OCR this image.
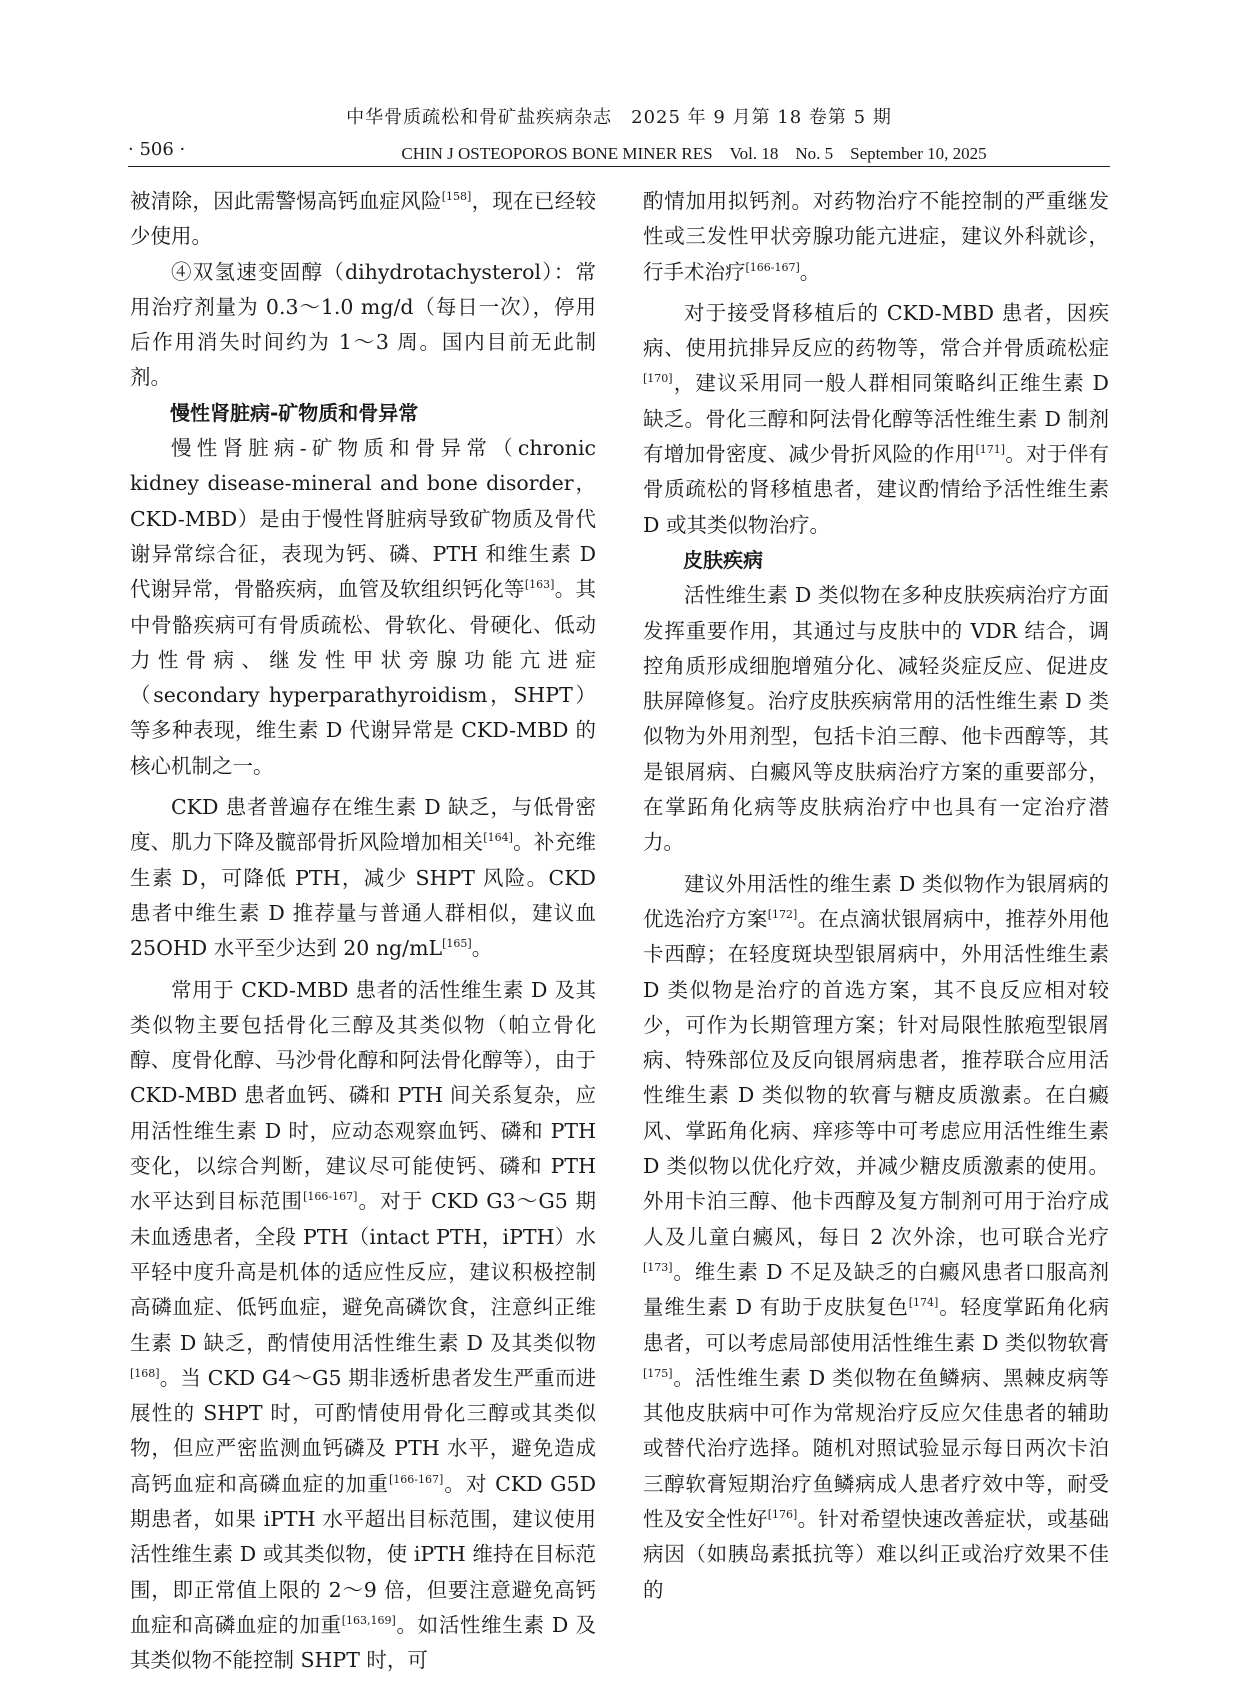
中华骨质疏松和骨矿盐疾病杂志　2025 年 9 月第 18 卷第 5 期
· 506 ·	CHIN J OSTEOPOROS BONE MINER RES　Vol. 18　No. 5　September 10, 2025

被清除，因此需警惕高钙血症风险[158]，现在已经较少使用。

④双氢速变固醇（dihydrotachysterol）：常用治疗剂量为 0.3～1.0 mg/d（每日一次），停用后作用消失时间约为 1～3 周。国内目前无此制剂。

慢性肾脏病-矿物质和骨异常

慢性肾脏病-矿物质和骨异常（chronic kidney disease-mineral and bone disorder，CKD-MBD）是由于慢性肾脏病导致矿物质及骨代谢异常综合征，表现为钙、磷、PTH 和维生素 D 代谢异常，骨骼疾病，血管及软组织钙化等[163]。其中骨骼疾病可有骨质疏松、骨软化、骨硬化、低动力性骨病、继发性甲状旁腺功能亢进症（secondary hyperparathyroidism，SHPT）等多种表现，维生素 D 代谢异常是 CKD-MBD 的核心机制之一。

CKD 患者普遍存在维生素 D 缺乏，与低骨密度、肌力下降及髋部骨折风险增加相关[164]。补充维生素 D，可降低 PTH，减少 SHPT 风险。CKD 患者中维生素 D 推荐量与普通人群相似，建议血 25OHD 水平至少达到 20 ng/mL[165]。

常用于 CKD-MBD 患者的活性维生素 D 及其类似物主要包括骨化三醇及其类似物（帕立骨化醇、度骨化醇、马沙骨化醇和阿法骨化醇等），由于 CKD-MBD 患者血钙、磷和 PTH 间关系复杂，应用活性维生素 D 时，应动态观察血钙、磷和 PTH 变化，以综合判断，建议尽可能使钙、磷和 PTH 水平达到目标范围[166-167]。对于 CKD G3～G5 期未血透患者，全段 PTH（intact PTH，iPTH）水平轻中度升高是机体的适应性反应，建议积极控制高磷血症、低钙血症，避免高磷饮食，注意纠正维生素 D 缺乏，酌情使用活性维生素 D 及其类似物[168]。当 CKD G4～G5 期非透析患者发生严重而进展性的 SHPT 时，可酌情使用骨化三醇或其类似物，但应严密监测血钙磷及 PTH 水平，避免造成高钙血症和高磷血症的加重[166-167]。对 CKD G5D 期患者，如果 iPTH 水平超出目标范围，建议使用活性维生素 D 或其类似物，使 iPTH 维持在目标范围，即正常值上限的 2～9 倍，但要注意避免高钙血症和高磷血症的加重[163,169]。如活性维生素 D 及其类似物不能控制 SHPT 时，可

酌情加用拟钙剂。对药物治疗不能控制的严重继发性或三发性甲状旁腺功能亢进症，建议外科就诊，行手术治疗[166-167]。

对于接受肾移植后的 CKD-MBD 患者，因疾病、使用抗排异反应的药物等，常合并骨质疏松症[170]，建议采用同一般人群相同策略纠正维生素 D 缺乏。骨化三醇和阿法骨化醇等活性维生素 D 制剂有增加骨密度、减少骨折风险的作用[171]。对于伴有骨质疏松的肾移植患者，建议酌情给予活性维生素 D 或其类似物治疗。

皮肤疾病

活性维生素 D 类似物在多种皮肤疾病治疗方面发挥重要作用，其通过与皮肤中的 VDR 结合，调控角质形成细胞增殖分化、减轻炎症反应、促进皮肤屏障修复。治疗皮肤疾病常用的活性维生素 D 类似物为外用剂型，包括卡泊三醇、他卡西醇等，其是银屑病、白癜风等皮肤病治疗方案的重要部分，在掌跖角化病等皮肤病治疗中也具有一定治疗潜力。

建议外用活性的维生素 D 类似物作为银屑病的优选治疗方案[172]。在点滴状银屑病中，推荐外用他卡西醇；在轻度斑块型银屑病中，外用活性维生素 D 类似物是治疗的首选方案，其不良反应相对较少，可作为长期管理方案；针对局限性脓疱型银屑病、特殊部位及反向银屑病患者，推荐联合应用活性维生素 D 类似物的软膏与糖皮质激素。在白癜风、掌跖角化病、痒疹等中可考虑应用活性维生素 D 类似物以优化疗效，并减少糖皮质激素的使用。外用卡泊三醇、他卡西醇及复方制剂可用于治疗成人及儿童白癜风，每日 2 次外涂，也可联合光疗[173]。维生素 D 不足及缺乏的白癜风患者口服高剂量维生素 D 有助于皮肤复色[174]。轻度掌跖角化病患者，可以考虑局部使用活性维生素 D 类似物软膏[175]。活性维生素 D 类似物在鱼鳞病、黑棘皮病等其他皮肤病中可作为常规治疗反应欠佳患者的辅助或替代治疗选择。随机对照试验显示每日两次卡泊三醇软膏短期治疗鱼鳞病成人患者疗效中等，耐受性及安全性好[176]。针对希望快速改善症状，或基础病因（如胰岛素抵抗等）难以纠正或治疗效果不佳的
